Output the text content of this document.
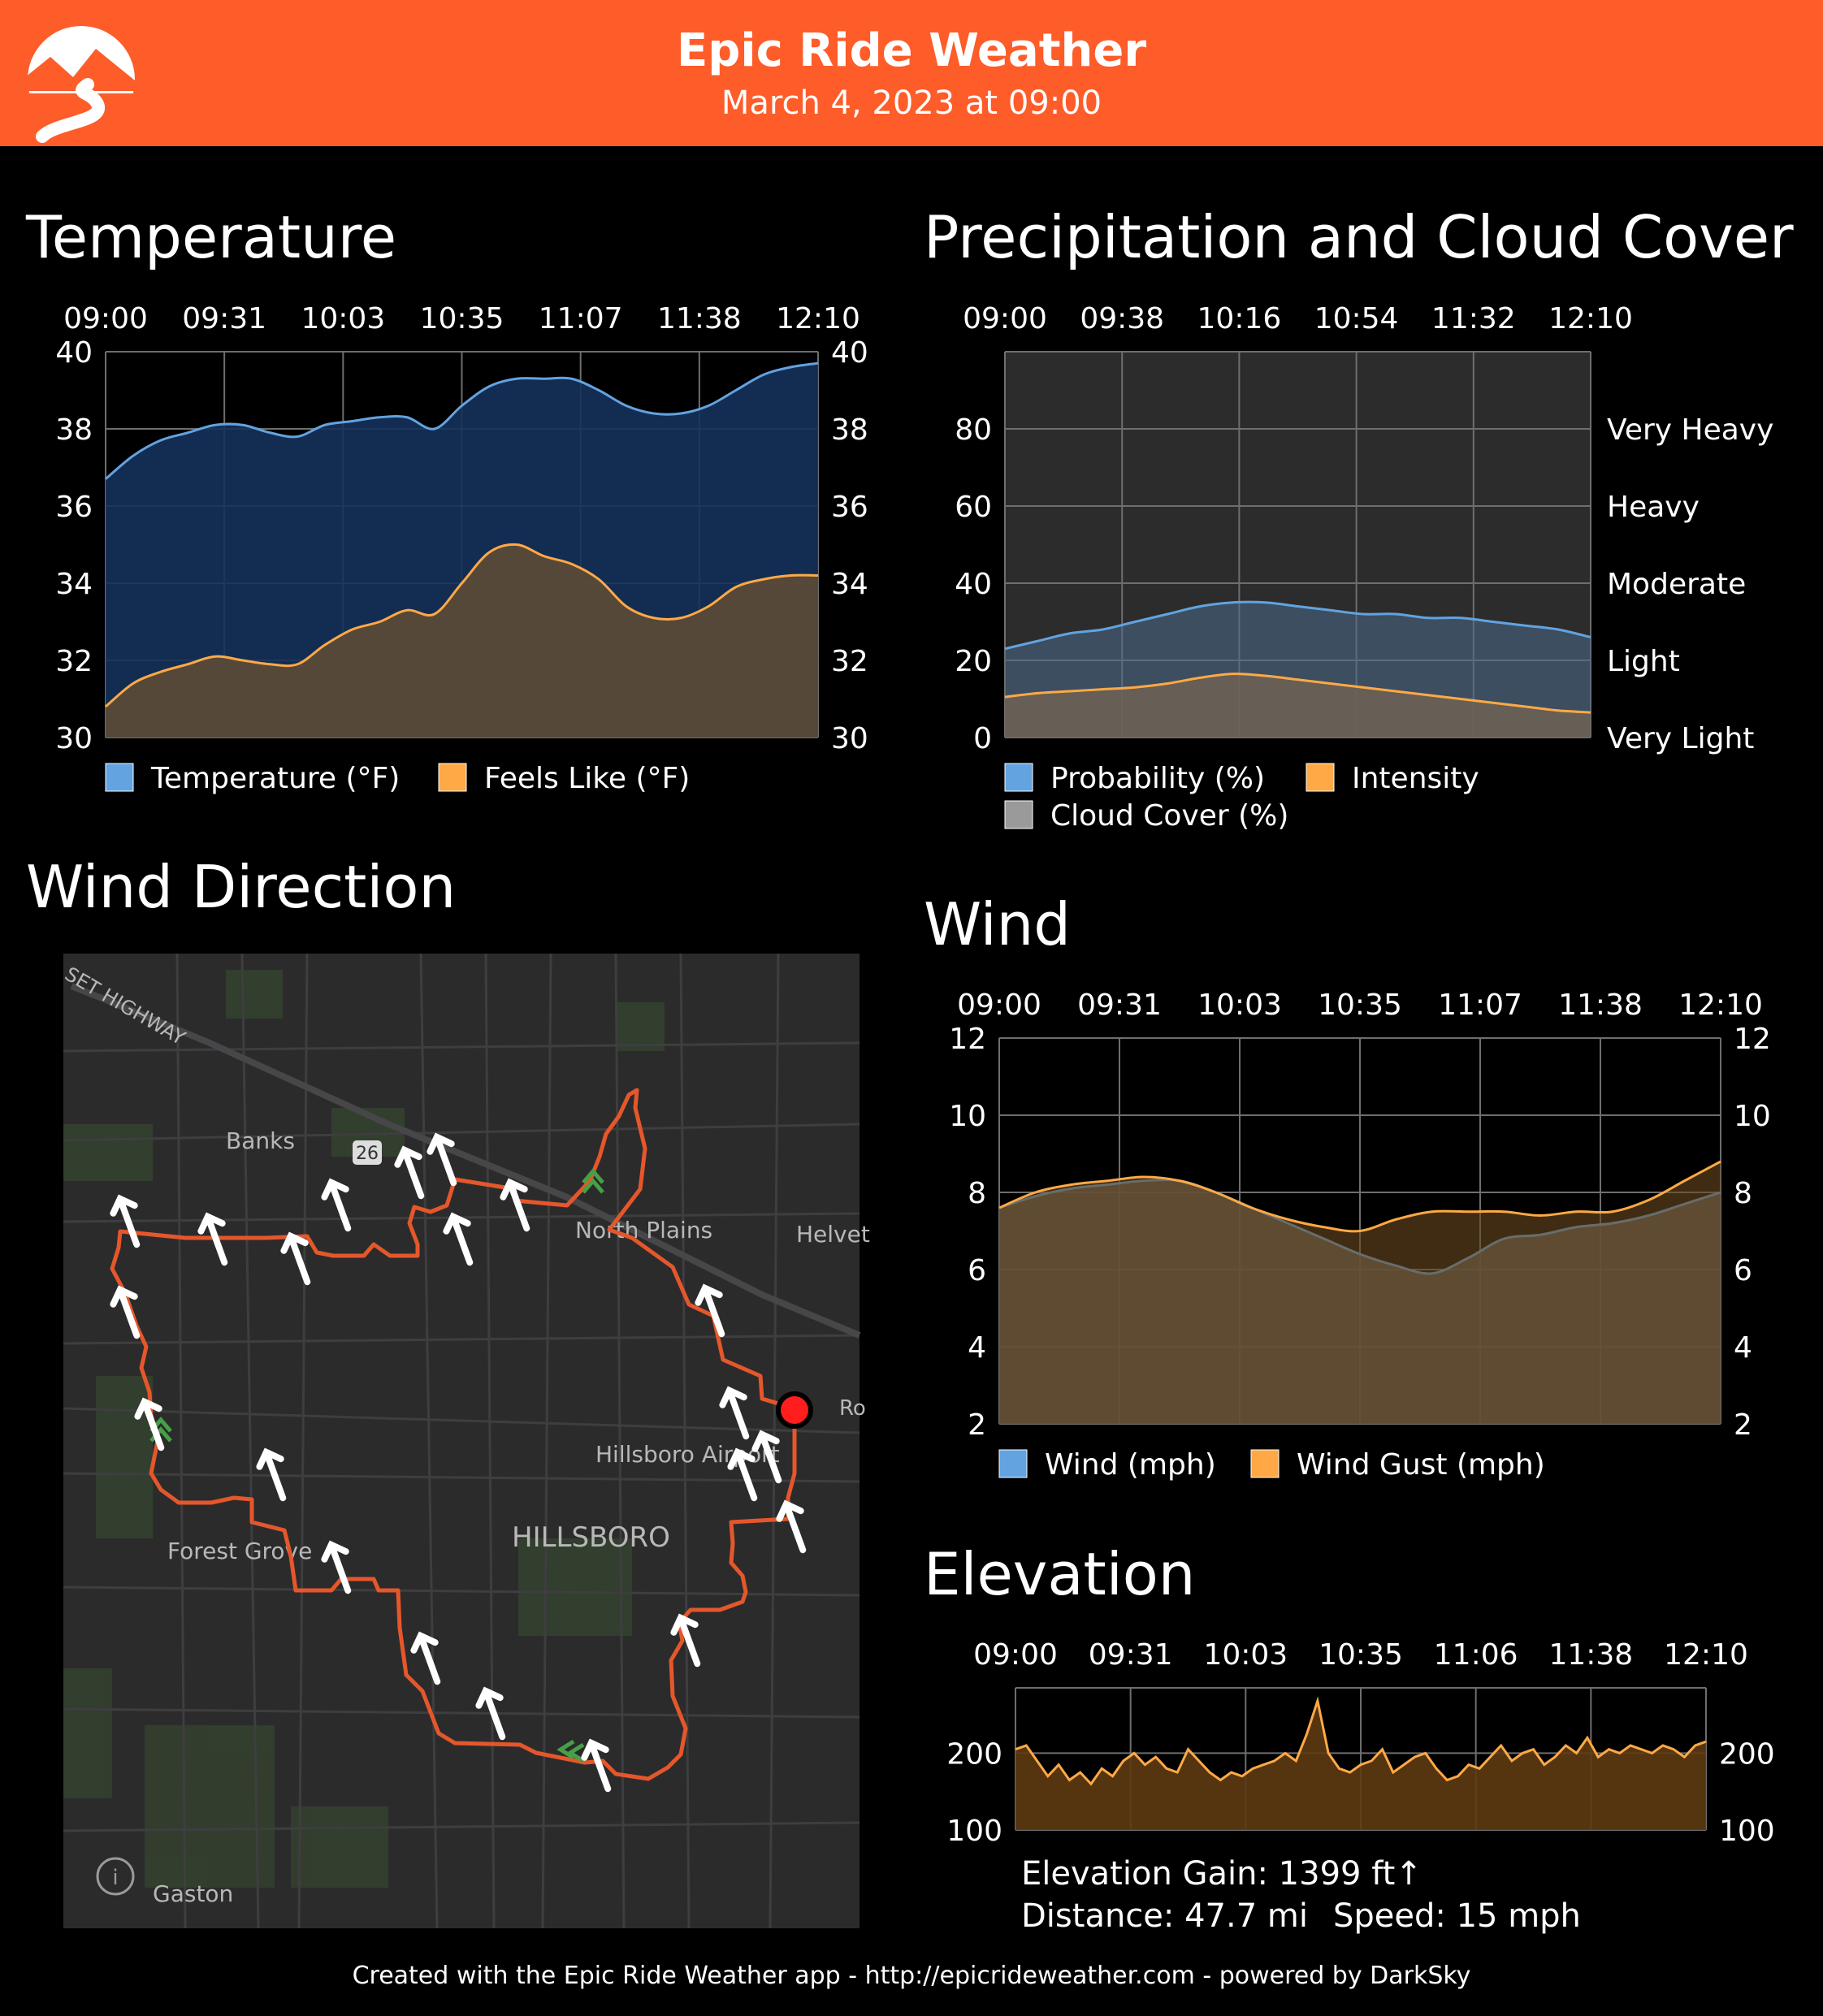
Epic Ride Weather
March 4, 2023 at 09:00
Temperature	Precipitation and Cloud Cover
Wind Direction
Wind
Elevation
09:00 09:31 10:03 10:35 11:07 11:38 12:10
30	30
32	32
34	34
36	36
38	38
40	40
Temperature (°F)	Feels Like (°F)
09:00 09:38 10:16 10:54 11:32 12:10
0
20
40
60
80
Very Light
Light
Moderate
Heavy
Very Heavy
Probability (%)	Intensity
Cloud Cover (%)
09:00 09:31 10:03 10:35 11:07 11:38 12:10
2	2
4	4
6	6
8	8
10	10
12	12
Wind (mph)	Wind Gust (mph)
09:00 09:31 10:03 10:35 11:06 11:38 12:10
100	100
200	200
Elevation Gain: 1399 ft↑
Distance: 47.7 mi Speed: 15 mph
SET HIGHWAY
Banks	26
North Plains	Helvet
Hillsboro Airport
Ro
HILLSBORO
Forest Grove
Gaston
i
Created with the Epic Ride Weather app - http://epicrideweather.com - powered by DarkSky
